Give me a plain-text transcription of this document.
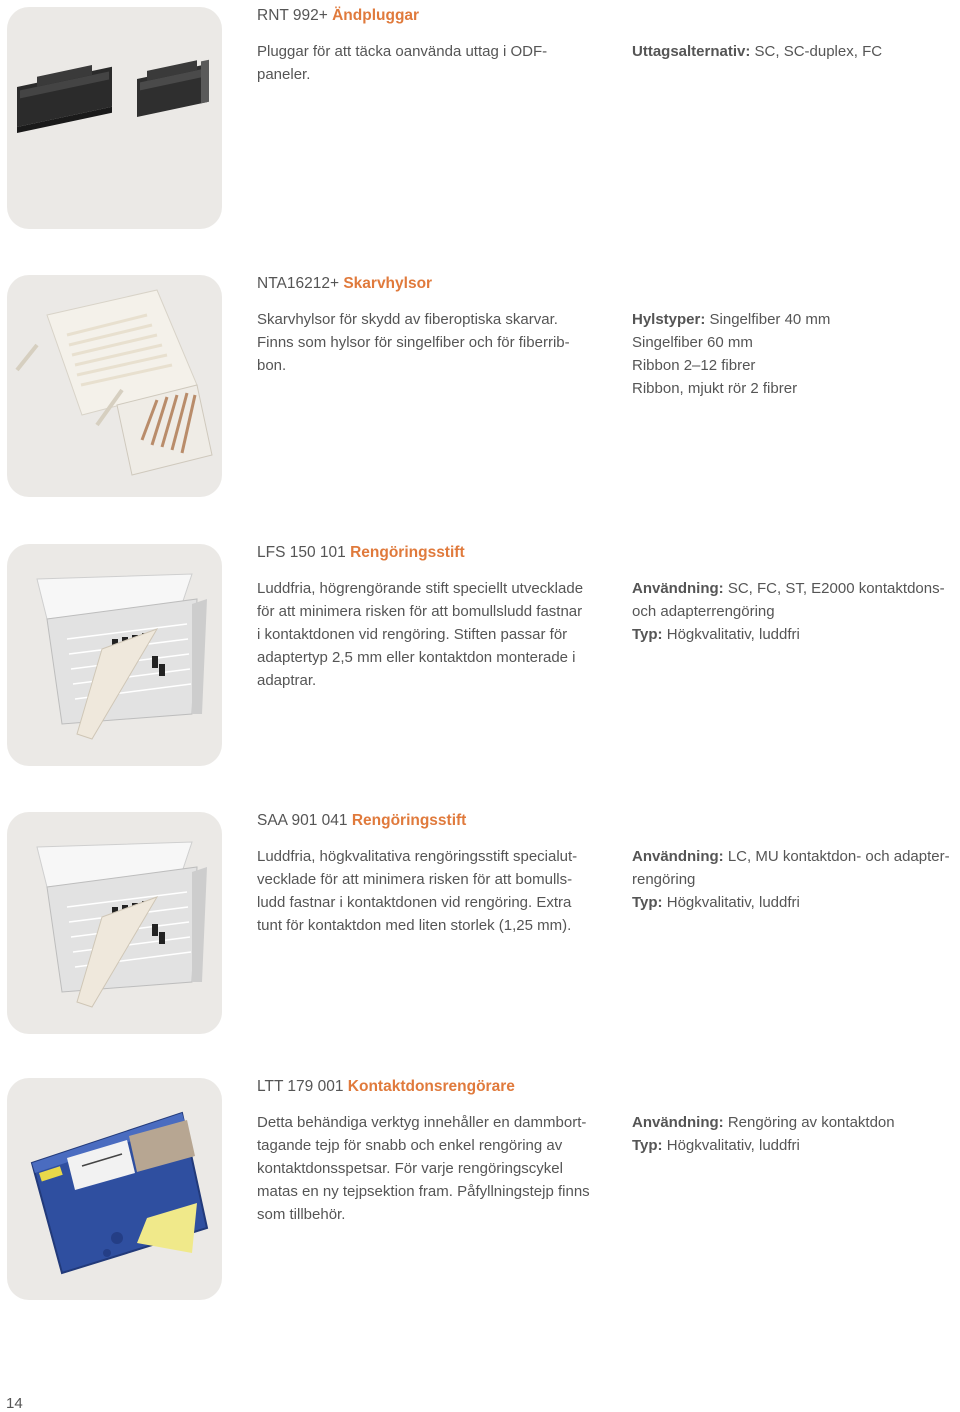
RNT 992+ Ändpluggar
Pluggar för att täcka oanvända uttag i ODF-
paneler.
Uttagsalternativ: SC, SC-duplex, FC
NTA16212+ Skarvhylsor
Skarvhylsor för skydd av fiberoptiska skarvar.
Finns som hylsor för singelfiber och för fiberrib-
bon.
Hylstyper: Singelfiber 40 mm
Singelfiber 60 mm
Ribbon 2–12 fibrer
Ribbon, mjukt rör 2 fibrer
LFS 150 101 Rengöringsstift
Luddfria, högrengörande stift speciellt utvecklade
för att minimera risken för att bomullsludd fastnar
i kontaktdonen vid rengöring. Stiften passar för
adaptertyp 2,5 mm eller kontaktdon monterade i
adaptrar.
Användning: SC, FC, ST, E2000 kontaktdons-
och adapterrengöring
Typ: Högkvalitativ, luddfri
SAA 901 041 Rengöringsstift
Luddfria, högkvalitativa rengöringsstift specialut-
vecklade för att minimera risken för att bomulls-
ludd fastnar i kontaktdonen vid rengöring. Extra
tunt för kontaktdon med liten storlek (1,25 mm).
Användning: LC, MU kontaktdon- och adapter-
rengöring
Typ: Högkvalitativ, luddfri
LTT 179 001 Kontaktdonsrengörare
Detta behändiga verktyg innehåller en dammbort-
tagande tejp för snabb och enkel rengöring av
kontaktdonsspetsar. För varje rengöringscykel
matas en ny tejpsektion fram. Påfyllningstejp finns
som tillbehör.
Användning: Rengöring av kontaktdon
Typ: Högkvalitativ, luddfri
14
